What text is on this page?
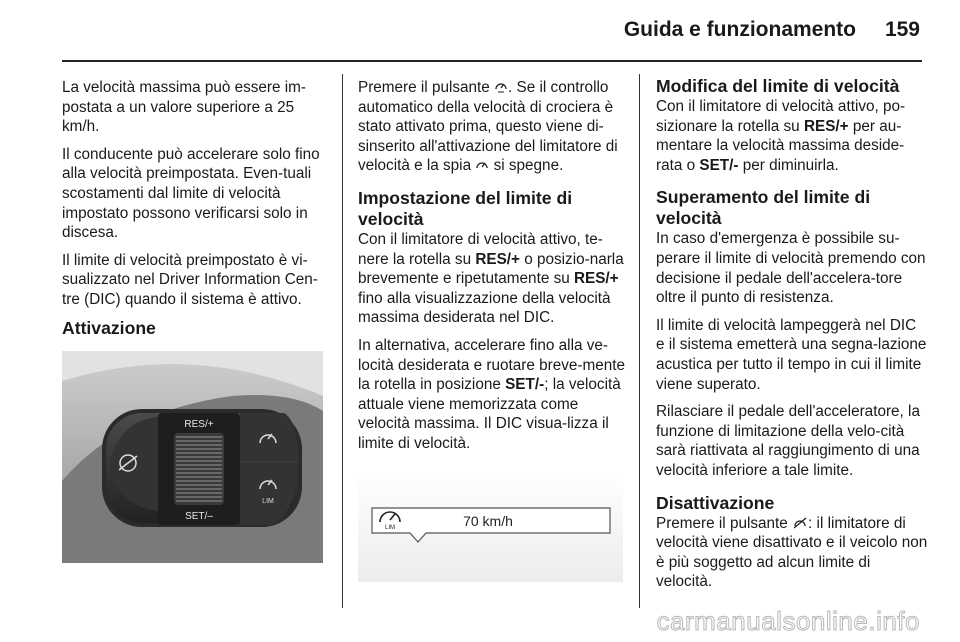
Guida e funzionamento 159

La velocità massima può essere im-postata a un valore superiore a 25 km/h.

Il conducente può accelerare solo fino alla velocità preimpostata. Even-tuali scostamenti dal limite di velocità impostato possono verificarsi solo in discesa.

Il limite di velocità preimpostato è vi-sualizzato nel Driver Information Cen-tre (DIC) quando il sistema è attivo.

Attivazione
RES/+
SET/–
LIM

Premere il pulsante . Se il controllo automatico della velocità di crociera è stato attivato prima, questo viene di-sinserito all'attivazione del limitatore di velocità e la spia si spegne.

Impostazione del limite di velocità

Con il limitatore di velocità attivo, te-nere la rotella su RES/+ o posizio-narla brevemente e ripetutamente su RES/+ fino alla visualizzazione della velocità massima desiderata nel DIC.

In alternativa, accelerare fino alla ve-locità desiderata e ruotare breve-mente la rotella in posizione SET/-; la velocità attuale viene memorizzata come velocità massima. Il DIC visua-lizza il limite di velocità.

LIM	70 km/h
Modifica del limite di velocità

Con il limitatore di velocità attivo, po-sizionare la rotella su RES/+ per au-mentare la velocità massima deside-rata o SET/- per diminuirla.

Superamento del limite di velocità

In caso d'emergenza è possibile su-perare il limite di velocità premendo con decisione il pedale dell'accelera-tore oltre il punto di resistenza.

Il limite di velocità lampeggerà nel DIC e il sistema emetterà una segna-lazione acustica per tutto il tempo in cui il limite viene superato.

Rilasciare il pedale dell'acceleratore, la funzione di limitazione della velo-cità sarà riattivata al raggiungimento di una velocità inferiore a tale limite.

Disattivazione

Premere il pulsante : il limitatore di velocità viene disattivato e il veicolo non è più soggetto ad alcun limite di velocità.

carmanualsonline.info
